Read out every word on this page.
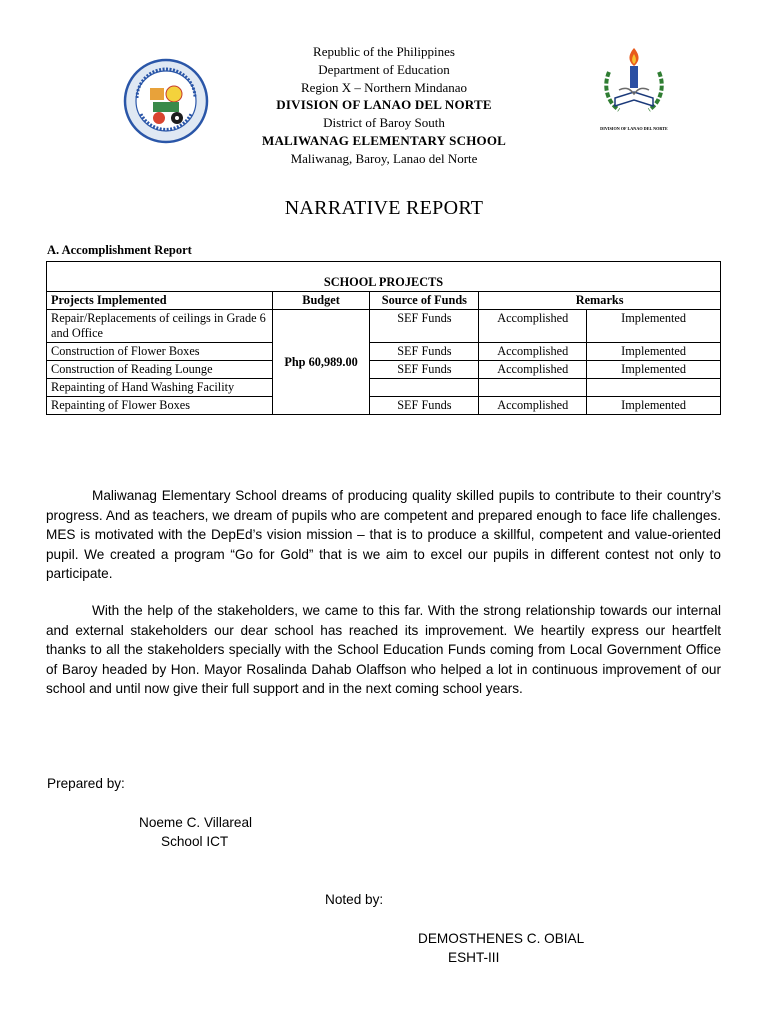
DIVISION OF LANAO DEL NORTE
Republic of the Philippines
Department of Education
Region X – Northern Mindanao
DIVISION OF LANAO DEL NORTE
District of Baroy South
MALIWANAG ELEMENTARY SCHOOL
Maliwanag, Baroy, Lanao del Norte
NARRATIVE REPORT
A. Accomplishment Report
SCHOOL PROJECTS				
Projects Implemented	Budget	Source of Funds	Remarks	
Repair/Replacements of ceilings in Grade 6 and Office	Php 60,989.00	SEF Funds	Accomplished	Implemented
Construction of Flower Boxes		SEF Funds	Accomplished	Implemented
Construction of Reading Lounge		SEF Funds	Accomplished	Implemented
Repainting of Hand Washing Facility				
Repainting of Flower Boxes		SEF Funds	Accomplished	Implemented

Maliwanag Elementary School dreams of producing quality skilled pupils to contribute to their country’s progress. And as teachers, we dream of pupils who are competent and prepared enough to face life challenges. MES is motivated with the DepEd’s vision mission – that is to produce a skillful, competent and value-oriented pupil. We created a program “Go for Gold” that is we aim to excel our pupils in different contest not only to participate.

With the help of the stakeholders, we came to this far. With the strong relationship towards our internal and external stakeholders our dear school has reached its improvement. We heartily express our heartfelt thanks to all the stakeholders specially with the School Education Funds coming from Local Government Office of Baroy headed by Hon. Mayor Rosalinda Dahab Olaffson who helped a lot in continuous improvement of our school and until now give their full support and in the next coming school years.

Prepared by:
Noeme C. Villareal
School ICT
Noted by:
DEMOSTHENES C. OBIAL
ESHT-III
